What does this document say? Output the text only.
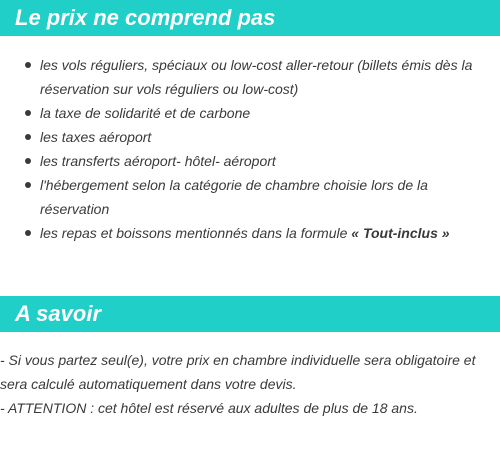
Le prix ne comprend pas
les vols réguliers, spéciaux ou low-cost aller-retour (billets émis dès la réservation sur vols réguliers ou low-cost)
la taxe de solidarité et de carbone
les taxes aéroport
les transferts aéroport- hôtel- aéroport
l'hébergement selon la catégorie de chambre choisie lors de la réservation
les repas et boissons mentionnés dans la formule « Tout-inclus »
A savoir

- Si vous partez seul(e), votre prix en chambre individuelle sera obligatoire et sera calculé automatiquement dans votre devis.

- ATTENTION : cet hôtel est réservé aux adultes de plus de 18 ans.
